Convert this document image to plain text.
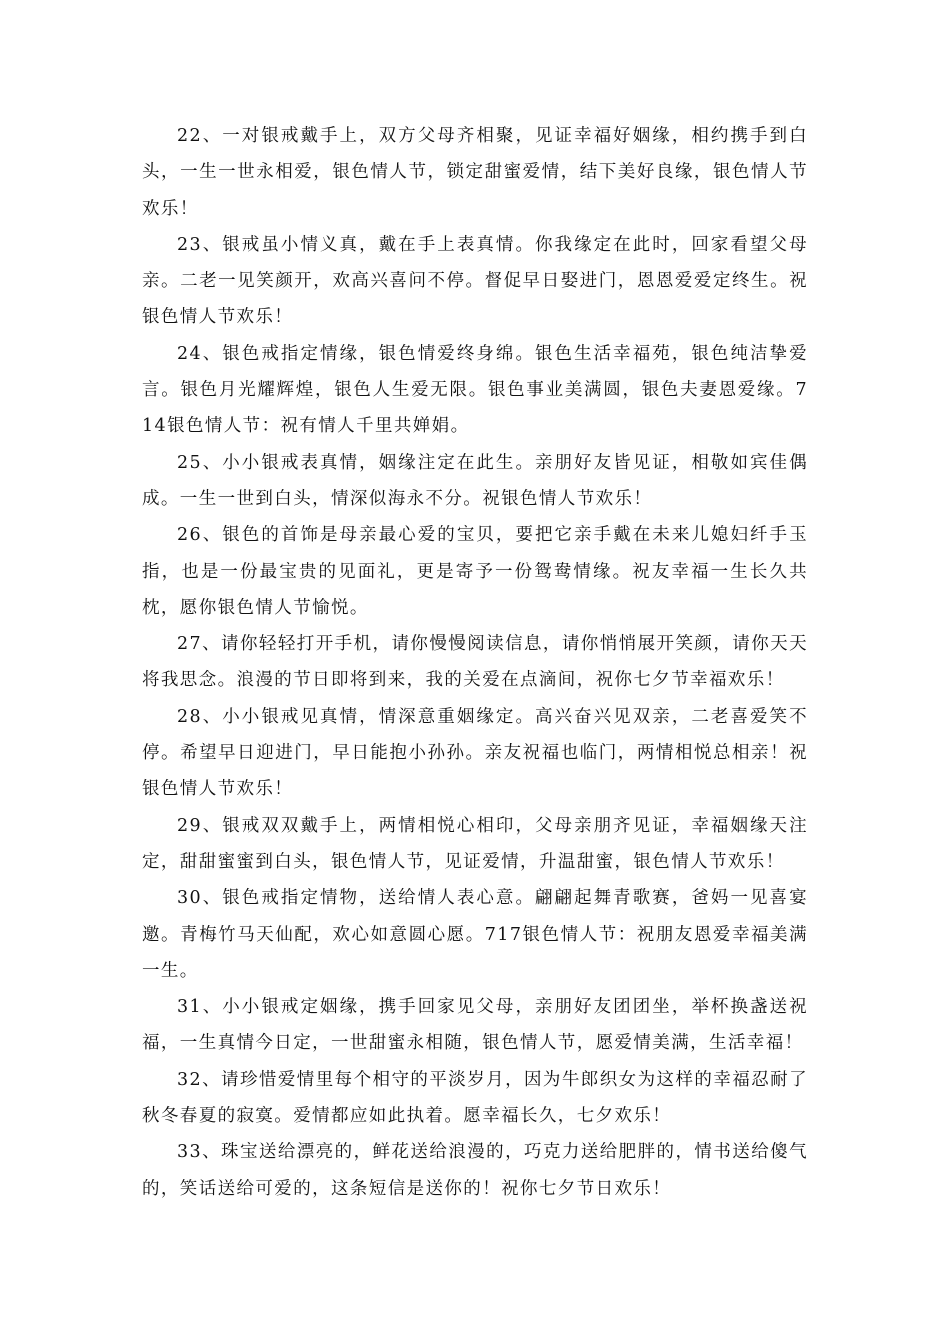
22、一对银戒戴手上，双方父母齐相聚，见证幸福好姻缘，相约携手到白头，一生一世永相爱，银色情人节，锁定甜蜜爱情，结下美好良缘，银色情人节欢乐！

23、银戒虽小情义真，戴在手上表真情。你我缘定在此时，回家看望父母亲。二老一见笑颜开，欢高兴喜问不停。督促早日娶进门，恩恩爱爱定终生。祝银色情人节欢乐！

24、银色戒指定情缘，银色情爱终身绵。银色生活幸福苑，银色纯洁挚爱言。银色月光耀辉煌，银色人生爱无限。银色事业美满圆，银色夫妻恩爱缘。714银色情人节：祝有情人千里共婵娟。

25、小小银戒表真情，姻缘注定在此生。亲朋好友皆见证，相敬如宾佳偶成。一生一世到白头，情深似海永不分。祝银色情人节欢乐！

26、银色的首饰是母亲最心爱的宝贝，要把它亲手戴在未来儿媳妇纤手玉指，也是一份最宝贵的见面礼，更是寄予一份鸳鸯情缘。祝友幸福一生长久共枕，愿你银色情人节愉悦。

27、请你轻轻打开手机，请你慢慢阅读信息，请你悄悄展开笑颜，请你天天将我思念。浪漫的节日即将到来，我的关爱在点滴间，祝你七夕节幸福欢乐！

28、小小银戒见真情，情深意重姻缘定。高兴奋兴见双亲，二老喜爱笑不停。希望早日迎进门，早日能抱小孙孙。亲友祝福也临门，两情相悦总相亲！祝银色情人节欢乐！

29、银戒双双戴手上，两情相悦心相印，父母亲朋齐见证，幸福姻缘天注定，甜甜蜜蜜到白头，银色情人节，见证爱情，升温甜蜜，银色情人节欢乐！

30、银色戒指定情物，送给情人表心意。翩翩起舞青歌赛，爸妈一见喜宴邀。青梅竹马天仙配，欢心如意圆心愿。717银色情人节：祝朋友恩爱幸福美满一生。

31、小小银戒定姻缘，携手回家见父母，亲朋好友团团坐，举杯换盏送祝福，一生真情今日定，一世甜蜜永相随，银色情人节，愿爱情美满，生活幸福！

32、请珍惜爱情里每个相守的平淡岁月，因为牛郎织女为这样的幸福忍耐了秋冬春夏的寂寞。爱情都应如此执着。愿幸福长久，七夕欢乐！

33、珠宝送给漂亮的，鲜花送给浪漫的，巧克力送给肥胖的，情书送给傻气的，笑话送给可爱的，这条短信是送你的！祝你七夕节日欢乐！
